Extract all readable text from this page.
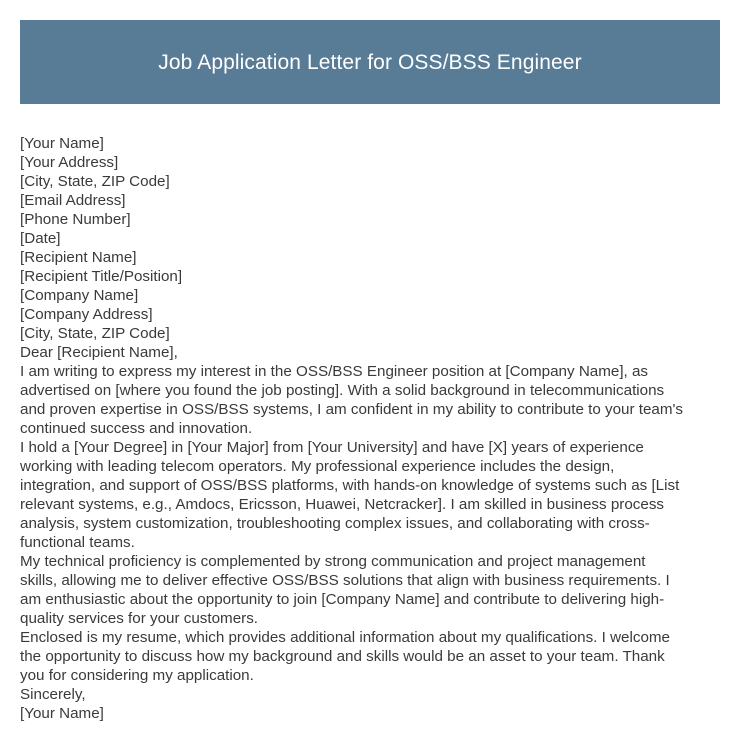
Job Application Letter for OSS/BSS Engineer
[Your Name]
[Your Address]
[City, State, ZIP Code]
[Email Address]
[Phone Number]
[Date]
[Recipient Name]
[Recipient Title/Position]
[Company Name]
[Company Address]
[City, State, ZIP Code]
Dear [Recipient Name],
I am writing to express my interest in the OSS/BSS Engineer position at [Company Name], as
advertised on [where you found the job posting]. With a solid background in telecommunications
and proven expertise in OSS/BSS systems, I am confident in my ability to contribute to your team's
continued success and innovation.
I hold a [Your Degree] in [Your Major] from [Your University] and have [X] years of experience
working with leading telecom operators. My professional experience includes the design,
integration, and support of OSS/BSS platforms, with hands-on knowledge of systems such as [List
relevant systems, e.g., Amdocs, Ericsson, Huawei, Netcracker]. I am skilled in business process
analysis, system customization, troubleshooting complex issues, and collaborating with cross-
functional teams.
My technical proficiency is complemented by strong communication and project management
skills, allowing me to deliver effective OSS/BSS solutions that align with business requirements. I
am enthusiastic about the opportunity to join [Company Name] and contribute to delivering high-
quality services for your customers.
Enclosed is my resume, which provides additional information about my qualifications. I welcome
the opportunity to discuss how my background and skills would be an asset to your team. Thank
you for considering my application.
Sincerely,
[Your Name]
